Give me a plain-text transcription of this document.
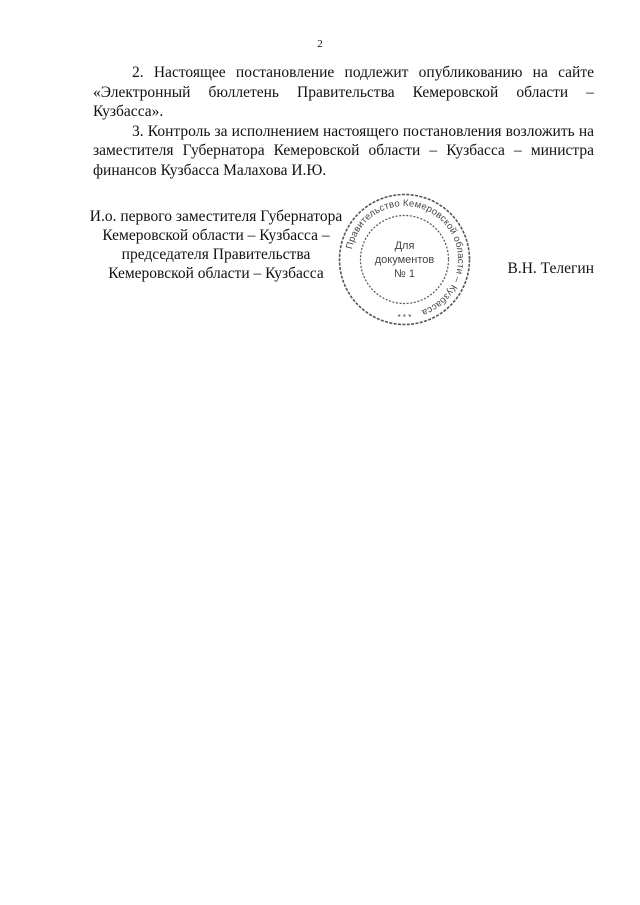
2

2. Настоящее постановление подлежит опубликованию на сайте «Электронный бюллетень Правительства Кемеровской области – Кузбасса».

3. Контроль за исполнением настоящего постановления возложить на заместителя Губернатора Кемеровской области – Кузбасса – министра финансов Кузбасса Малахова И.Ю.

И.о. первого заместителя Губернатора
Кемеровской области – Кузбасса –
председателя Правительства
Кемеровской области – Кузбасса
Правительство Кемеровской области – Кузбасса
Для
документов
№ 1
* * *
В.Н. Телегин
